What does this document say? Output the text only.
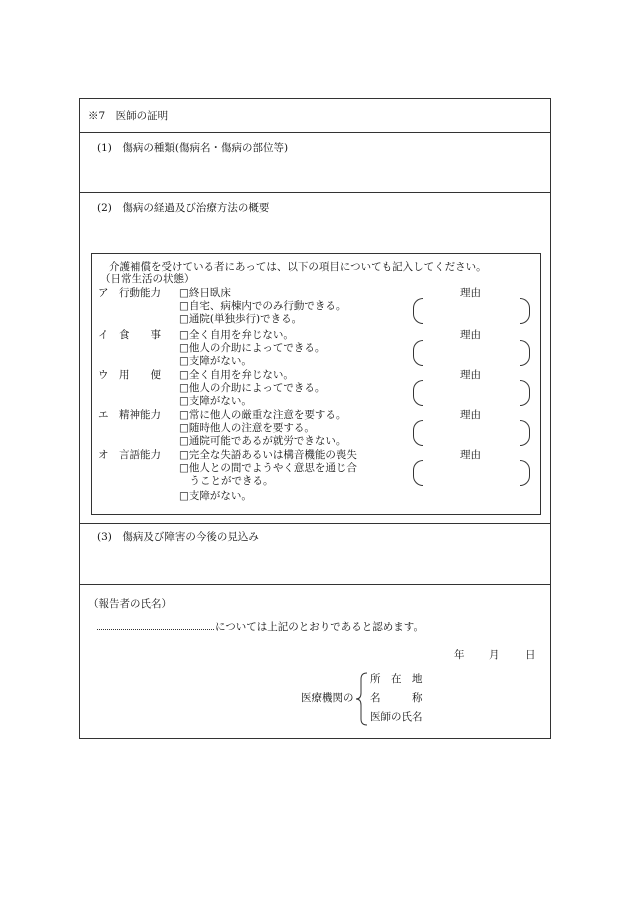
※7　医師の証明
(1)　傷病の種類(傷病名・傷病の部位等)
(2)　傷病の経過及び治療方法の概要
介護補償を受けている者にあっては、以下の項目についても記入してください。
（日常生活の状態）
ア　行動能力 □終日臥床
□自宅、病棟内でのみ行動できる。
□通院(単独歩行)できる。
理由
イ　食　　事 □全く自用を弁じない。
□他人の介助によってできる。
□支障がない。
理由
ウ　用　　便 □全く自用を弁じない。
□他人の介助によってできる。
□支障がない。
理由
エ　精神能力 □常に他人の厳重な注意を要する。
□随時他人の注意を要する。
□通院可能であるが就労できない。
理由
オ　言語能力 □完全な失語あるいは構音機能の喪失
□他人との間でようやく意思を通じ合
　うことができる。
□支障がない。
理由
(3)　傷病及び障害の今後の見込み
（報告者の氏名）
については上記のとおりであると認めます。
年 月 日
医療機関の
所　在　地
名　　　称
医師の氏名
